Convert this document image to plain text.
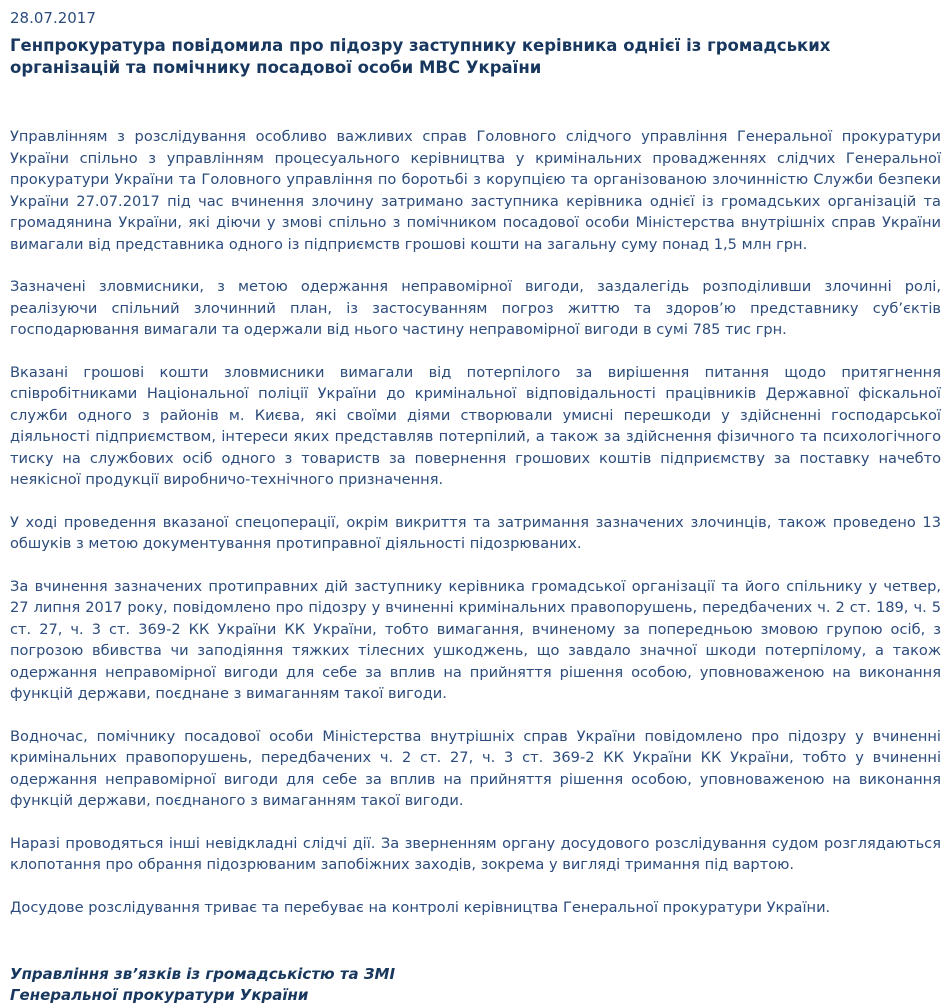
28.07.2017
Генпрокуратура повідомила про підозру заступнику керівника однієї із громадських організацій та помічнику посадової особи МВС України

Управлінням з розслідування особливо важливих справ Головного слідчого управління Генеральної прокуратури України спільно з управлінням процесуального керівництва у кримінальних провадженнях слідчих Генеральної прокуратури України та Головного управління по боротьбі з корупцією та організованою злочинністю Служби безпеки України 27.07.2017 під час вчинення злочину затримано заступника керівника однієї із громадських організацій та громадянина України, які діючи у змові спільно з помічником посадової особи Міністерства внутрішніх справ України вимагали від представника одного із підприємств грошові кошти на загальну суму понад 1,5 млн грн.

Зазначені зловмисники, з метою одержання неправомірної вигоди, заздалегідь розподіливши злочинні ролі, реалізуючи спільний злочинний план, із застосуванням погроз життю та здоров’ю представнику суб’єктів господарювання вимагали та одержали від нього частину неправомірної вигоди в сумі 785 тис грн.

Вказані грошові кошти зловмисники вимагали від потерпілого за вирішення питання щодо притягнення співробітниками Національної поліції України до кримінальної відповідальності працівників Державної фіскальної служби одного з районів м. Києва, які своїми діями створювали умисні перешкоди у здійсненні господарської діяльності підприємством, інтереси яких представляв потерпілий, а також за здійснення фізичного та психологічного тиску на службових осіб одного з товариств за повернення грошових коштів підприємству за поставку начебто неякісної продукції виробничо-технічного призначення.

У ході проведення вказаної спецоперації, окрім викриття та затримання зазначених злочинців, також проведено 13 обшуків з метою документування протиправної діяльності підозрюваних.

За вчинення зазначених протиправних дій заступнику керівника громадської організації та його спільнику у четвер, 27 липня 2017 року, повідомлено про підозру у вчиненні кримінальних правопорушень, передбачених ч. 2 ст. 189, ч. 5 ст. 27, ч. 3 ст. 369-2 КК України КК України, тобто вимагання, вчиненому за попередньою змовою групою осіб, з погрозою вбивства чи заподіяння тяжких тілесних ушкоджень, що завдало значної шкоди потерпілому, а також одержання неправомірної вигоди для себе за вплив на прийняття рішення особою, уповноваженою на виконання функцій держави, поєднане з вимаганням такої вигоди.

Водночас, помічнику посадової особи Міністерства внутрішніх справ України повідомлено про підозру у вчиненні кримінальних правопорушень, передбачених ч. 2 ст. 27, ч. 3 ст. 369-2 КК України КК України, тобто у вчиненні одержання неправомірної вигоди для себе за вплив на прийняття рішення особою, уповноваженою на виконання функцій держави, поєднаного з вимаганням такої вигоди.

Наразі проводяться інші невідкладні слідчі дії. За зверненням органу досудового розслідування судом розглядаються клопотання про обрання підозрюваним запобіжних заходів, зокрема у вигляді тримання під вартою.

Досудове розслідування триває та перебуває на контролі керівництва Генеральної прокуратури України.

Управління зв’язків із громадськістю та ЗМІ
Генеральної прокуратури України
